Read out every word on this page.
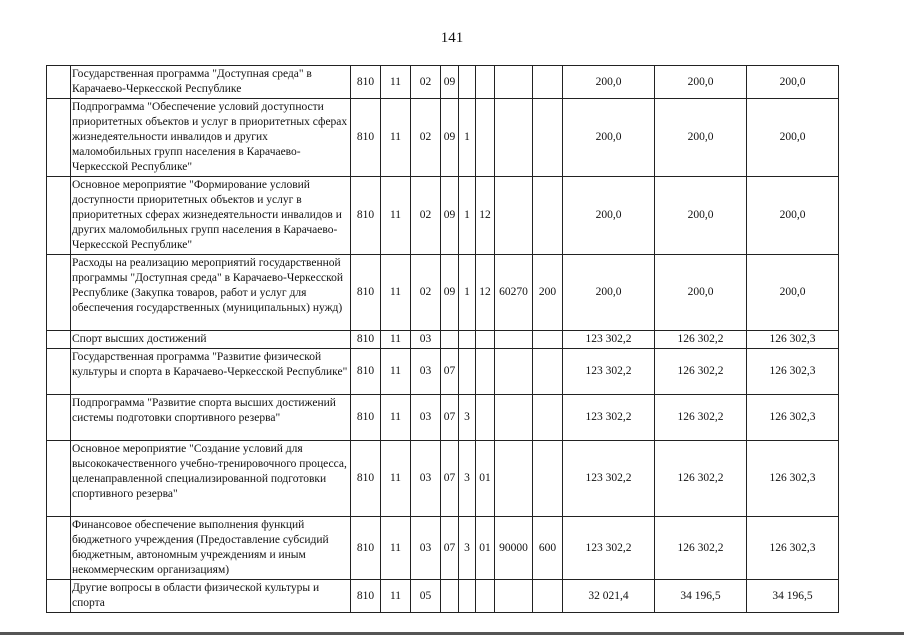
141
	Государственная программа "Доступная среда" в Карачаево-Черкесской Республике	810	11	02	09					200,0	200,0	200,0
	Подпрограмма "Обеспечение условий доступности приоритетных объектов и услуг в приоритетных сферах жизнедеятельности инвалидов и других маломобильных групп населения в Карачаево-Черкесской Республике"	810	11	02	09	1				200,0	200,0	200,0
	Основное мероприятие "Формирование условий доступности приоритетных объектов и услуг в приоритетных сферах жизнедеятельности инвалидов и других маломобильных групп населения в Карачаево-Черкесской Республике"	810	11	02	09	1	12			200,0	200,0	200,0
	Расходы на реализацию мероприятий государственной программы "Доступная среда" в Карачаево-Черкесской Республике (Закупка товаров, работ и услуг для обеспечения государственных (муниципальных) нужд)	810	11	02	09	1	12	60270	200	200,0	200,0	200,0
	Спорт высших достижений	810	11	03						123 302,2	126 302,2	126 302,3
	Государственная программа "Развитие физической культуры и спорта в Карачаево-Черкесской Республике"	810	11	03	07					123 302,2	126 302,2	126 302,3
	Подпрограмма "Развитие спорта высших достижений системы подготовки спортивного резерва"	810	11	03	07	3				123 302,2	126 302,2	126 302,3
	Основное мероприятие "Создание условий для высококачественного учебно-тренировочного процесса, целенаправленной специализированной подготовки спортивного резерва"	810	11	03	07	3	01			123 302,2	126 302,2	126 302,3
	Финансовое обеспечение выполнения функций бюджетного учреждения (Предоставление субсидий бюджетным, автономным учреждениям и иным некоммерческим организациям)	810	11	03	07	3	01	90000	600	123 302,2	126 302,2	126 302,3
	Другие вопросы в области физической культуры и спорта	810	11	05						32 021,4	34 196,5	34 196,5
